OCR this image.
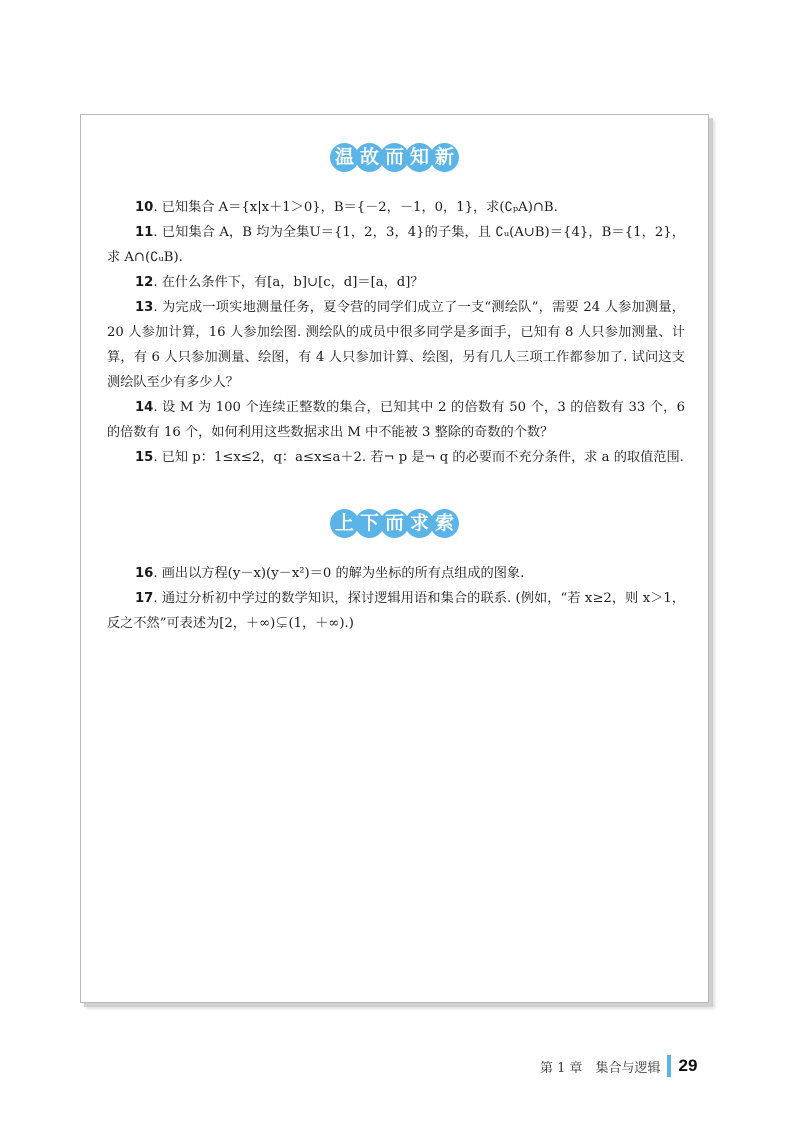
温 故 而 知 新
10. 已知集合 A＝{x|x＋1＞0}，B＝{－2，－1，0，1}，求(∁ₚA)∩B.
11. 已知集合 A，B 均为全集U＝{1，2，3，4}的子集，且 ∁ᵤ(A∪B)＝{4}，B＝{1，2}，求 A∩(∁ᵤB).
12. 在什么条件下，有[a，b]∪[c，d]＝[a，d]？
13. 为完成一项实地测量任务，夏令营的同学们成立了一支“测绘队”，需要 24 人参加测量，20 人参加计算，16 人参加绘图. 测绘队的成员中很多同学是多面手，已知有 8 人只参加测量、计算，有 6 人只参加测量、绘图，有 4 人只参加计算、绘图，另有几人三项工作都参加了. 试问这支测绘队至少有多少人？
14. 设 M 为 100 个连续正整数的集合，已知其中 2 的倍数有 50 个，3 的倍数有 33 个，6 的倍数有 16 个，如何利用这些数据求出 M 中不能被 3 整除的奇数的个数？
15. 已知 p：1≤x≤2，q：a≤x≤a＋2. 若¬ p 是¬ q 的必要而不充分条件，求 a 的取值范围.
上 下 而 求 索
16. 画出以方程(y－x)(y－x²)＝0 的解为坐标的所有点组成的图象.
17. 通过分析初中学过的数学知识，探讨逻辑用语和集合的联系. (例如，“若 x≥2，则 x＞1，反之不然”可表述为[2，＋∞)⊊(1，＋∞).)
第 1 章　集合与逻辑 29
